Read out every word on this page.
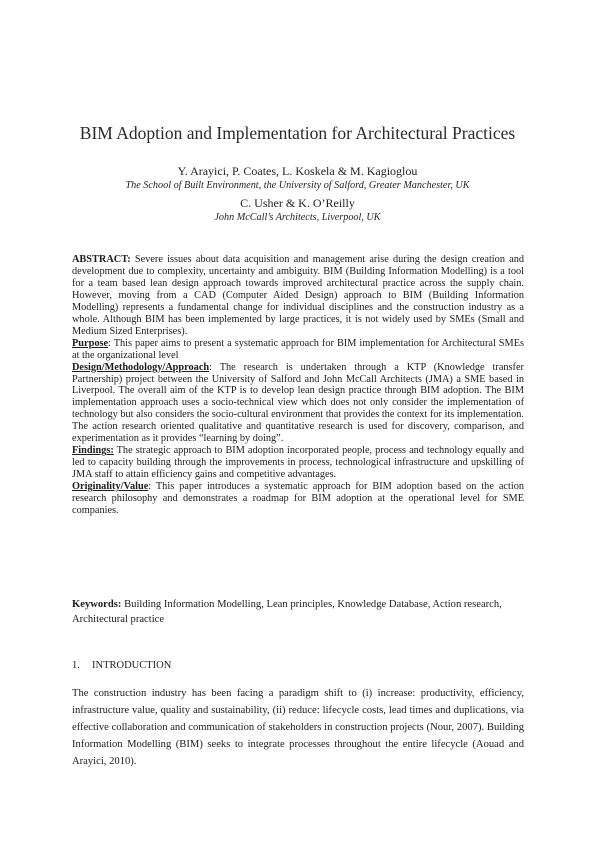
BIM Adoption and Implementation for Architectural Practices
Y. Arayici, P. Coates, L. Koskela & M. Kagioglou
The School of Built Environment, the University of Salford, Greater Manchester, UK
C. Usher & K. O’Reilly
John McCall’s Architects, Liverpool, UK

ABSTRACT: Severe issues about data acquisition and management arise during the design creation and development due to complexity, uncertainty and ambiguity. BIM (Building Information Modelling) is a tool for a team based lean design approach towards improved architectural practice across the supply chain. However, moving from a CAD (Computer Aided Design) approach to BIM (Building Information Modelling) represents a fundamental change for individual disciplines and the construction industry as a whole. Although BIM has been implemented by large practices, it is not widely used by SMEs (Small and Medium Sized Enterprises).

Purpose: This paper aims to present a systematic approach for BIM implementation for Architectural SMEs at the organizational level

Design/Methodology/Approach: The research is undertaken through a KTP (Knowledge transfer Partnership) project between the University of Salford and John McCall Architects (JMA) a SME based in Liverpool. The overall aim of the KTP is to develop lean design practice through BIM adoption. The BIM implementation approach uses a socio-technical view which does not only consider the implementation of technology but also considers the socio-cultural environment that provides the context for its implementation. The action research oriented qualitative and quantitative research is used for discovery, comparison, and experimentation as it provides “learning by doing”.

Findings: The strategic approach to BIM adoption incorporated people, process and technology equally and led to capacity building through the improvements in process, technological infrastructure and upskilling of JMA staff to attain efficiency gains and competitive advantages.

Originality/Value: This paper introduces a systematic approach for BIM adoption based on the action research philosophy and demonstrates a roadmap for BIM adoption at the operational level for SME companies.

Keywords: Building Information Modelling, Lean principles, Knowledge Database, Action research, Architectural practice
1. INTRODUCTION

The construction industry has been facing a paradigm shift to (i) increase: productivity, efficiency, infrastructure value, quality and sustainability, (ii) reduce: lifecycle costs, lead times and duplications, via effective collaboration and communication of stakeholders in construction projects (Nour, 2007). Building Information Modelling (BIM) seeks to integrate processes throughout the entire lifecycle (Aouad and Arayici, 2010).
